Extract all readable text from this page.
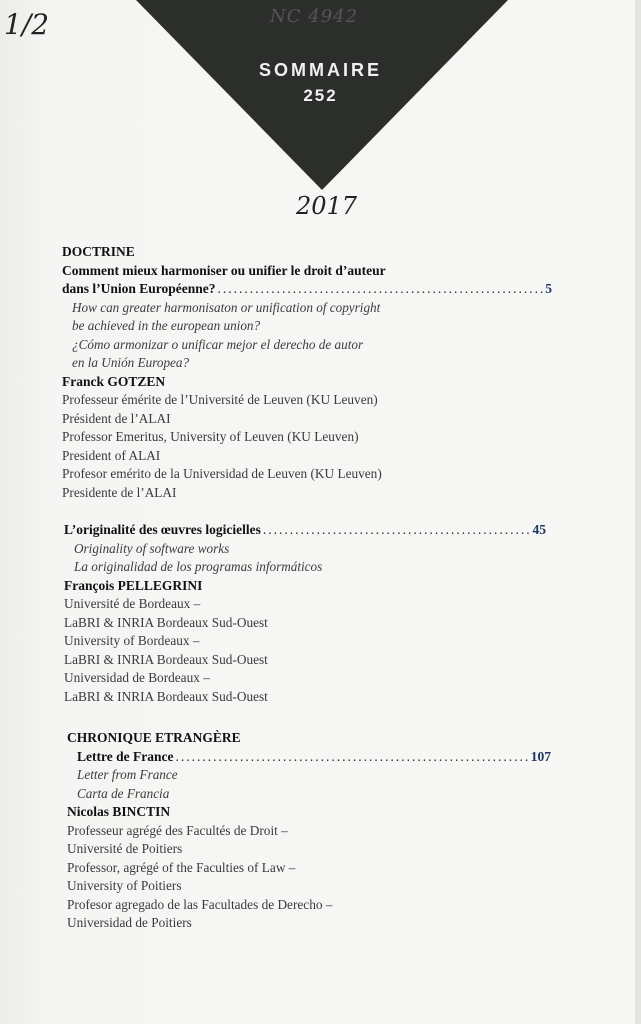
NC 4942
SOMMAIRE
252
1/2
2017
DOCTRINE
Comment mieux harmoniser ou unifier le droit d’auteur
dans l’Union Européenne? .....	5
How can greater harmonisaton or unification of copyright
be achieved in the european union?
¿Cómo armonizar o unificar mejor el derecho de autor
en la Unión Europea?
Franck GOTZEN
Professeur émérite de l’Université de Leuven (KU Leuven)
Président de l’ALAI
Professor Emeritus, University of Leuven (KU Leuven)
President of ALAI
Profesor emérito de la Universidad de Leuven (KU Leuven)
Presidente de l’ALAI
L’originalité des œuvres logicielles .....	45
Originality of software works
La originalidad de los programas informáticos
François PELLEGRINI
Université de Bordeaux –
LaBRI & INRIA Bordeaux Sud-Ouest
University of Bordeaux –
LaBRI & INRIA Bordeaux Sud-Ouest
Universidad de Bordeaux –
LaBRI & INRIA Bordeaux Sud-Ouest
CHRONIQUE ETRANGÈRE
Lettre de France .....	107
Letter from France
Carta de Francia
Nicolas BINCTIN
Professeur agrégé des Facultés de Droit –
Université de Poitiers
Professor, agrégé of the Faculties of Law –
University of Poitiers
Profesor agregado de las Facultades de Derecho –
Universidad de Poitiers
